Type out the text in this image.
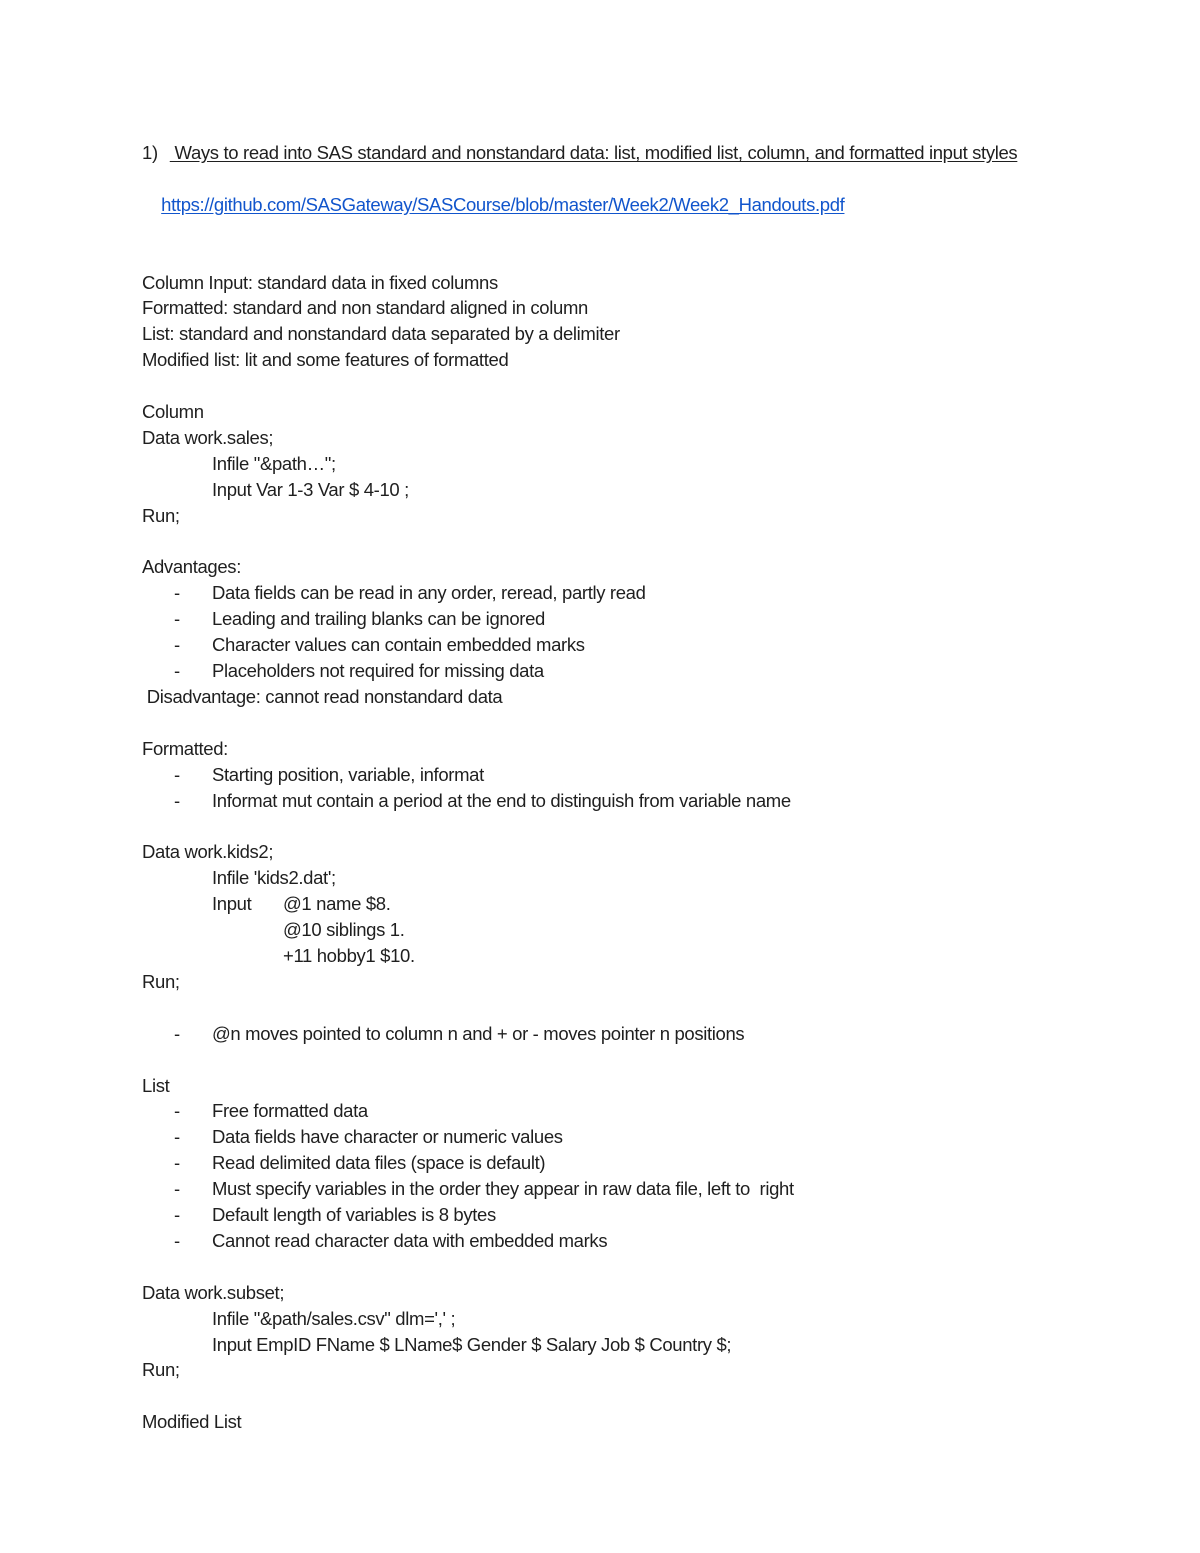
1) Ways to read into SAS standard and nonstandard data: list, modified list, column, and formatted input styles

https://github.com/SASGateway/SASCourse/blob/master/Week2/Week2_Handouts.pdf

Column Input: standard data in fixed columns
Formatted: standard and non standard aligned in column
List: standard and nonstandard data separated by a delimiter
Modified list: lit and some features of formatted
Column
Data work.sales;
Infile "&path…";
Input Var 1-3 Var $ 4-10 ;
Run;
Advantages:
- Data fields can be read in any order, reread, partly read
- Leading and trailing blanks can be ignored
- Character values can contain embedded marks
- Placeholders not required for missing data
Disadvantage: cannot read nonstandard data
Formatted:
- Starting position, variable, informat
- Informat mut contain a period at the end to distinguish from variable name
Data work.kids2;
Infile 'kids2.dat';
Input @1 name $8.
@10 siblings 1.
+11 hobby1 $10.
Run;
- @n moves pointed to column n and + or - moves pointer n positions
List
- Free formatted data
- Data fields have character or numeric values
- Read delimited data files (space is default)
- Must specify variables in the order they appear in raw data file, left to  right
- Default length of variables is 8 bytes
- Cannot read character data with embedded marks
Data work.subset;
Infile "&path/sales.csv" dlm=',' ;
Input EmpID FName $ LName$ Gender $ Salary Job $ Country $;
Run;
Modified List
